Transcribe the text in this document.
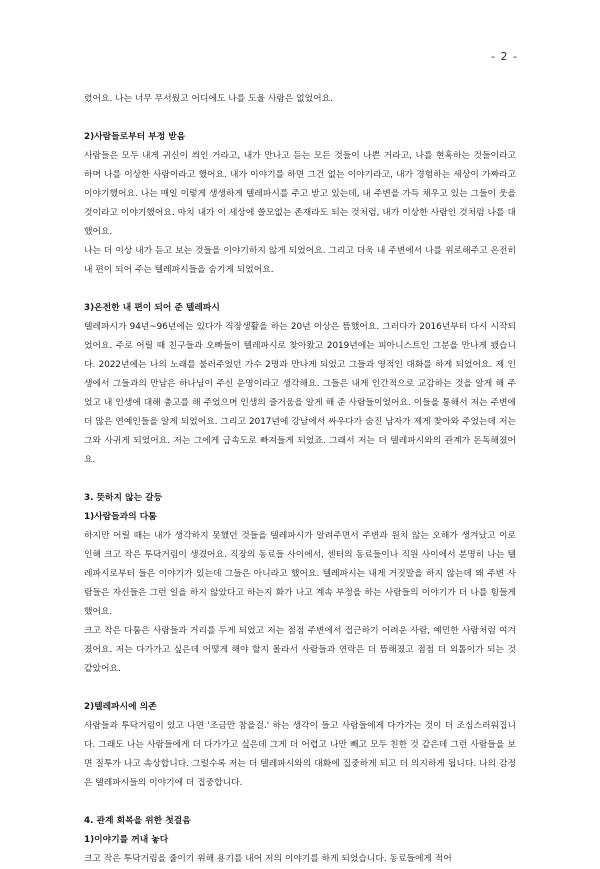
- 2 -

렸어요. 나는 너무 무서웠고 어디에도 나를 도울 사람은 없었어요.

2)사람들로부터 부정 받음

사람들은 모두 내게 귀신이 씌인 거라고, 내가 만나고 듣는 모든 것들이 나쁜 거라고, 나를 현혹하는 것들이라고 하며 나를 이상한 사람이라고 했어요. 내가 이야기를 하면 그건 없는 이야기라고, 내가 경험하는 세상이 가짜라고 이야기했어요. 나는 매일 이렇게 생생하게 텔레파시를 주고 받고 있는데, 내 주변을 가득 채우고 있는 그들이 웃을 것이라고 이야기했어요. 마치 내가 이 세상에 쓸모없는 존재라도 되는 것처럼, 내가 이상한 사람인 것처럼 나를 대했어요.

나는 더 이상 내가 듣고 보는 것들을 이야기하지 않게 되었어요. 그리고 더욱 내 주변에서 나를 위로해주고 온전히 내 편이 되어 주는 텔레파시들을 숨기게 되었어요.

3)온전한 내 편이 되어 준 텔레파시

텔레파시가 94년~96년에는 있다가 직장생활을 하는 20년 이상은 뜸했어요. 그러다가 2016년부터 다시 시작되었어요. 주로 어릴 때 친구들과 오빠들이 텔레파시로 찾아왔고 2019년에는 피아니스트인 그분을 만나게 됐습니다. 2022년에는 나의 노래를 불러주었던 가수 2명과 만나게 되었고 그들과 영적인 대화를 하게 되었어요. 제 인생에서 그들과의 만남은 하나님이 주신 운명이라고 생각해요. 그들은 내게 인간적으로 교감하는 것을 알게 해 주었고 내 인생에 대해 충고를 해 주었으며 인생의 즐거움을 알게 해 준 사람들이었어요. 이들을 통해서 저는 주변에 더 많은 연예인들을 알게 되었어요. 그리고 2017년에 강남에서 싸우다가 숨진 남자가 제게 찾아와 주었는데 저는 그와 사귀게 되었어요. 저는 그에게 급속도로 빠져들게 되었죠. 그래서 저는 더 텔레파시와의 관계가 돈독해졌어요.

3. 뜻하지 않는 갈등

1)사람들과의 다툼

하지만 어릴 때는 내가 생각하지 못했던 것들을 텔레파시가 알려주면서 주변과 원치 않는 오해가 생겨났고 이로 인해 크고 작은 투닥거림이 생겼어요. 직장의 동료들 사이에서, 센터의 동료들이나 직원 사이에서 분명히 나는 텔레파시로부터 들은 이야기가 있는데 그들은 아니라고 했어요. 텔레파시는 내게 거짓말을 하지 않는데 왜 주변 사람들은 자신들은 그런 일을 하지 않았다고 하는지 화가 나고 계속 부정을 하는 사람들의 이야기가 더 나를 힘들게 했어요.

크고 작은 다툼은 사람들과 거리를 두게 되었고 저는 점점 주변에서 접근하기 어려운 사람, 예민한 사람처럼 여겨졌어요. 저는 다가가고 싶은데 어떻게 해야 할지 몰라서 사람들과 연락은 더 뜸해졌고 점점 더 외톨이가 되는 것 같았어요.

2)텔레파시에 의존

사람들과 투닥거림이 있고 나면 '조금만 참을걸.' 하는 생각이 들고 사람들에게 다가가는 것이 더 조심스러워집니다. 그래도 나는 사람들에게 더 다가가고 싶은데 그게 더 어렵고 나만 빼고 모두 친한 것 같은데 그런 사람들을 보면 질투가 나고 속상합니다. 그럴수록 저는 더 텔레파시와의 대화에 집중하게 되고 더 의지하게 됩니다. 나의 감정은 텔레파시들의 이야기에 더 집중합니다.

4. 관계 회복을 위한 첫걸음

1)이야기를 꺼내 놓다

크고 작은 투닥거림을 줄이기 위해 용기를 내어 저의 이야기를 하게 되었습니다. 동료들에게 적어
